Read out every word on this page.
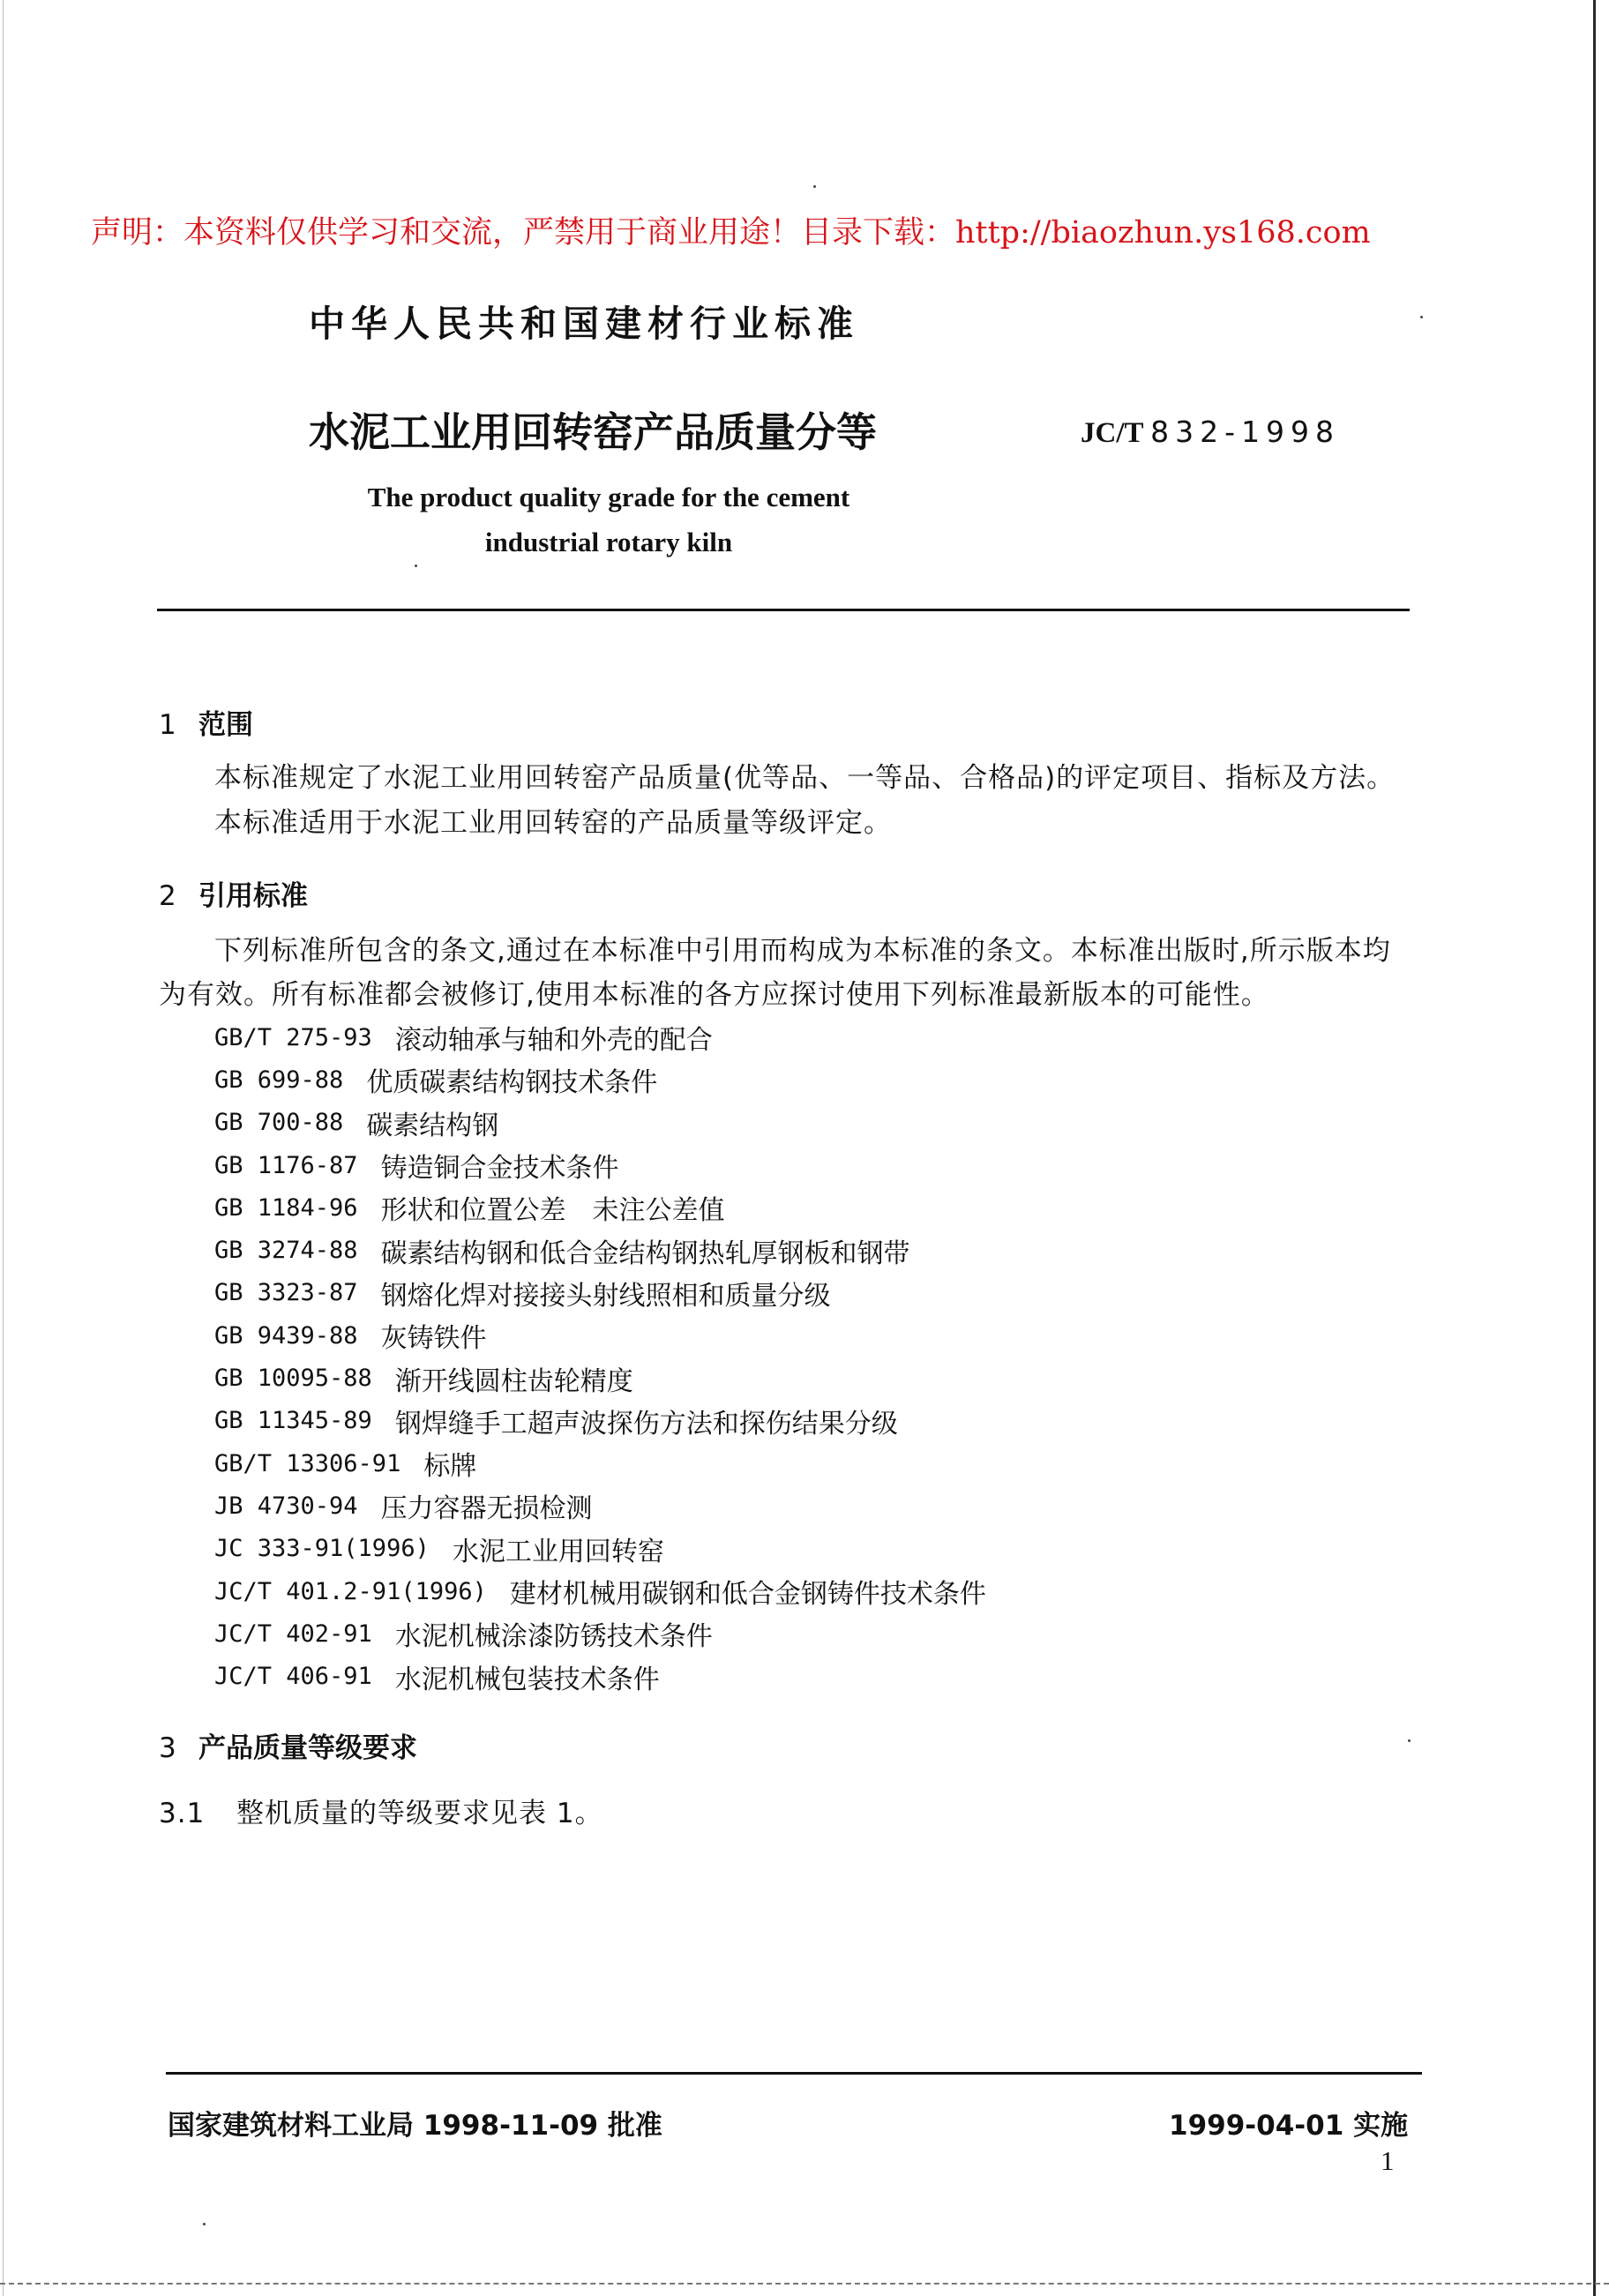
声明：本资料仅供学习和交流，严禁用于商业用途！目录下载：http://biaozhun.ys168.com
中华人民共和国建材行业标准
水泥工业用回转窑产品质量分等	JC/T 832-1998
The product quality grade for the cement
industrial rotary kiln
1 范围
本标准规定了水泥工业用回转窑产品质量(优等品、一等品、合格品)的评定项目、指标及方法。
本标准适用于水泥工业用回转窑的产品质量等级评定。
2 引用标准
下列标准所包含的条文,通过在本标准中引用而构成为本标准的条文。本标准出版时,所示版本均
为有效。所有标准都会被修订,使用本标准的各方应探讨使用下列标准最新版本的可能性。
GB/T 275-93 滚动轴承与轴和外壳的配合
GB 699-88 优质碳素结构钢技术条件
GB 700-88 碳素结构钢
GB 1176-87 铸造铜合金技术条件
GB 1184-96 形状和位置公差　未注公差值
GB 3274-88 碳素结构钢和低合金结构钢热轧厚钢板和钢带
GB 3323-87 钢熔化焊对接接头射线照相和质量分级
GB 9439-88 灰铸铁件
GB 10095-88 渐开线圆柱齿轮精度
GB 11345-89 钢焊缝手工超声波探伤方法和探伤结果分级
GB/T 13306-91 标牌
JB 4730-94 压力容器无损检测
JC 333-91(1996) 水泥工业用回转窑
JC/T 401.2-91(1996) 建材机械用碳钢和低合金钢铸件技术条件
JC/T 402-91 水泥机械涂漆防锈技术条件
JC/T 406-91 水泥机械包装技术条件
3 产品质量等级要求
3.1 整机质量的等级要求见表 1。
国家建筑材料工业局 1998-11-09 批准	1999-04-01 实施
1
